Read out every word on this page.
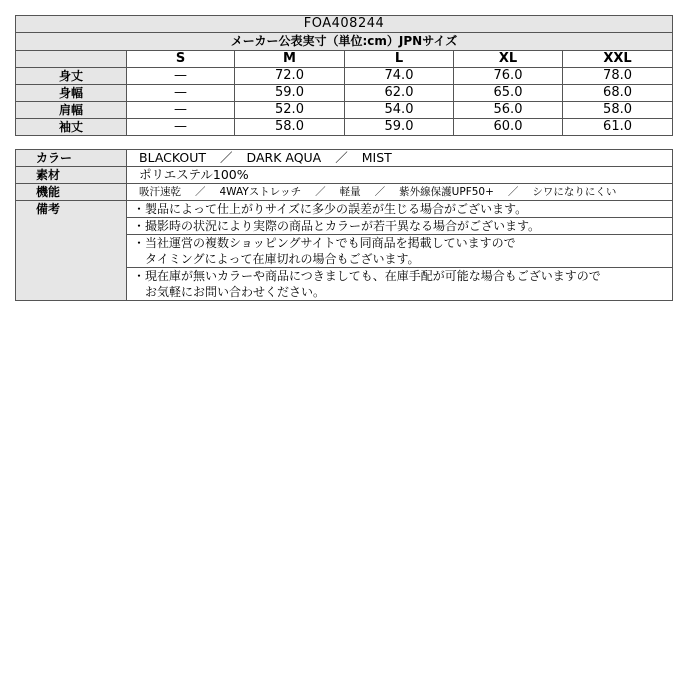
FOA408244					
メーカー公表実寸（単位:cm）JPNサイズ					
	S	M	L	XL	XXL
身丈	—	72.0	74.0	76.0	78.0
身幅	—	59.0	62.0	65.0	68.0
肩幅	—	52.0	54.0	56.0	58.0
袖丈	—	58.0	59.0	60.0	61.0
カラー	BLACKOUT ／ DARK AQUA ／ MIST
素材	ポリエステル100%
機能	吸汗速乾 ／ 4WAYストレッチ ／ 軽量 ／ 紫外線保護UPF50+ ／ シワになりにくい
備考	・製品によって仕上がりサイズに多少の誤差が生じる場合がございます。

	・撮影時の状況により実際の商品とカラーが若干異なる場合がございます。

	・当社運営の複数ショッピングサイトでも同商品を掲載していますので
　タイミングによって在庫切れの場合もございます。

	・現在庫が無いカラーや商品につきましても、在庫手配が可能な場合もございますので
　お気軽にお問い合わせください。
